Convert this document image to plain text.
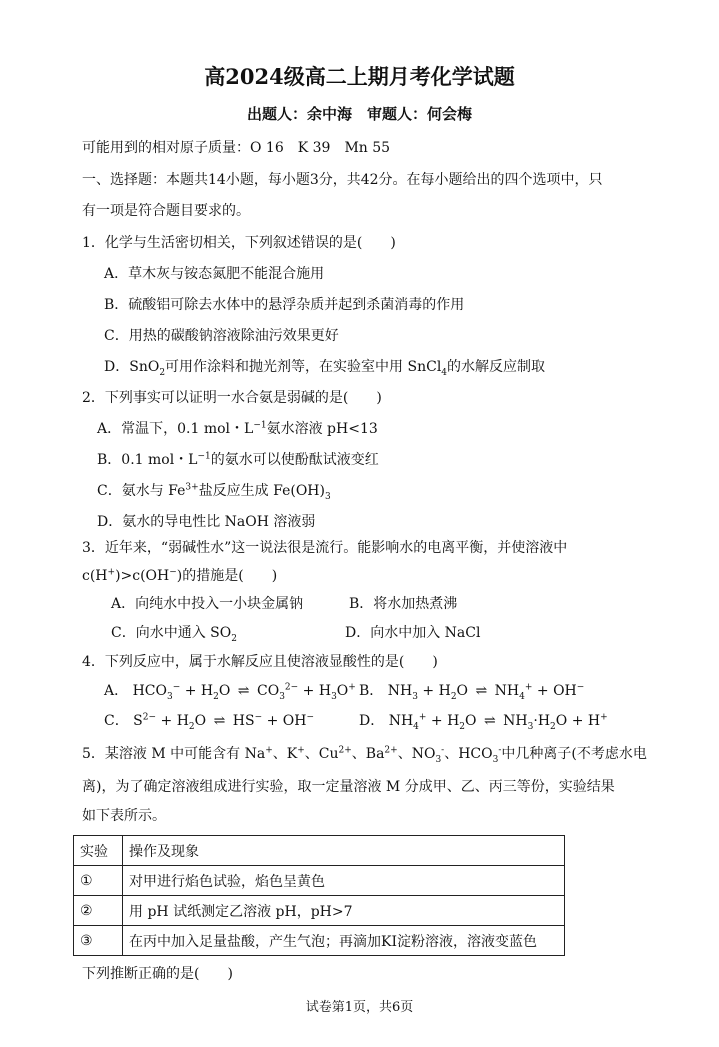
高2024级高二上期月考化学试题
出题人：余中海　审题人：何会梅
可能用到的相对原子质量：O 16　K 39　Mn 55
一、选择题：本题共14小题，每小题3分，共42分。在每小题给出的四个选项中，只
有一项是符合题目要求的。
1．化学与生活密切相关，下列叙述错误的是(　　)
A．草木灰与铵态氮肥不能混合施用
B．硫酸铝可除去水体中的悬浮杂质并起到杀菌消毒的作用
C．用热的碳酸钠溶液除油污效果更好
D．SnO$_2$可用作涂料和抛光剂等，在实验室中用 SnCl$_4$的水解反应制取
2．下列事实可以证明一水合氨是弱碱的是(　　)
A．常温下，0.1 mol・$L^{-1}$氨水溶液 pH<13
B．0.1 mol・$L^{-1}$的氨水可以使酚酞试液变红
C．氨水与 $Fe^{3+}$盐反应生成 $Fe(OH)_3$
D．氨水的导电性比 NaOH 溶液弱
3．近年来，“弱碱性水”这一说法很是流行。能影响水的电离平衡，并使溶液中
c(H+)>c(OH−)的措施是(　　)
A．向纯水中投入一小块金属钠	B．将水加热煮沸
C．向水中通入 $SO_2$	D．向水中加入 NaCl
4．下列反应中，属于水解反应且使溶液显酸性的是(　　)
A． $HCO_3^- + H_2O$ ⇌ $CO_3^{2-} + H_3O^+$ B． $NH_3 + H_2O$ ⇌ $NH_4^+ + OH^-$
C． $S^{2-} + H_2O$ ⇌ HS− + OH−	D． $NH_4^+ + H_2O$ ⇌ $NH_3\cdot H_2O + H^+$
5．某溶液 M 中可能含有 Na+、K+、$Cu^{2+}$、$Ba^{2+}$、$NO_3^-$、$HCO_3^-$中几种离子(不考虑水电
离)，为了确定溶液组成进行实验，取一定量溶液 M 分成甲、乙、丙三等份，实验结果
如下表所示。
实验	操作及现象
①	对甲进行焰色试验，焰色呈黄色
②	用 pH 试纸测定乙溶液 pH，pH>7
③	在丙中加入足量盐酸，产生气泡；再滴加KI淀粉溶液，溶液变蓝色
下列推断正确的是(　　)
试卷第1页，共6页
